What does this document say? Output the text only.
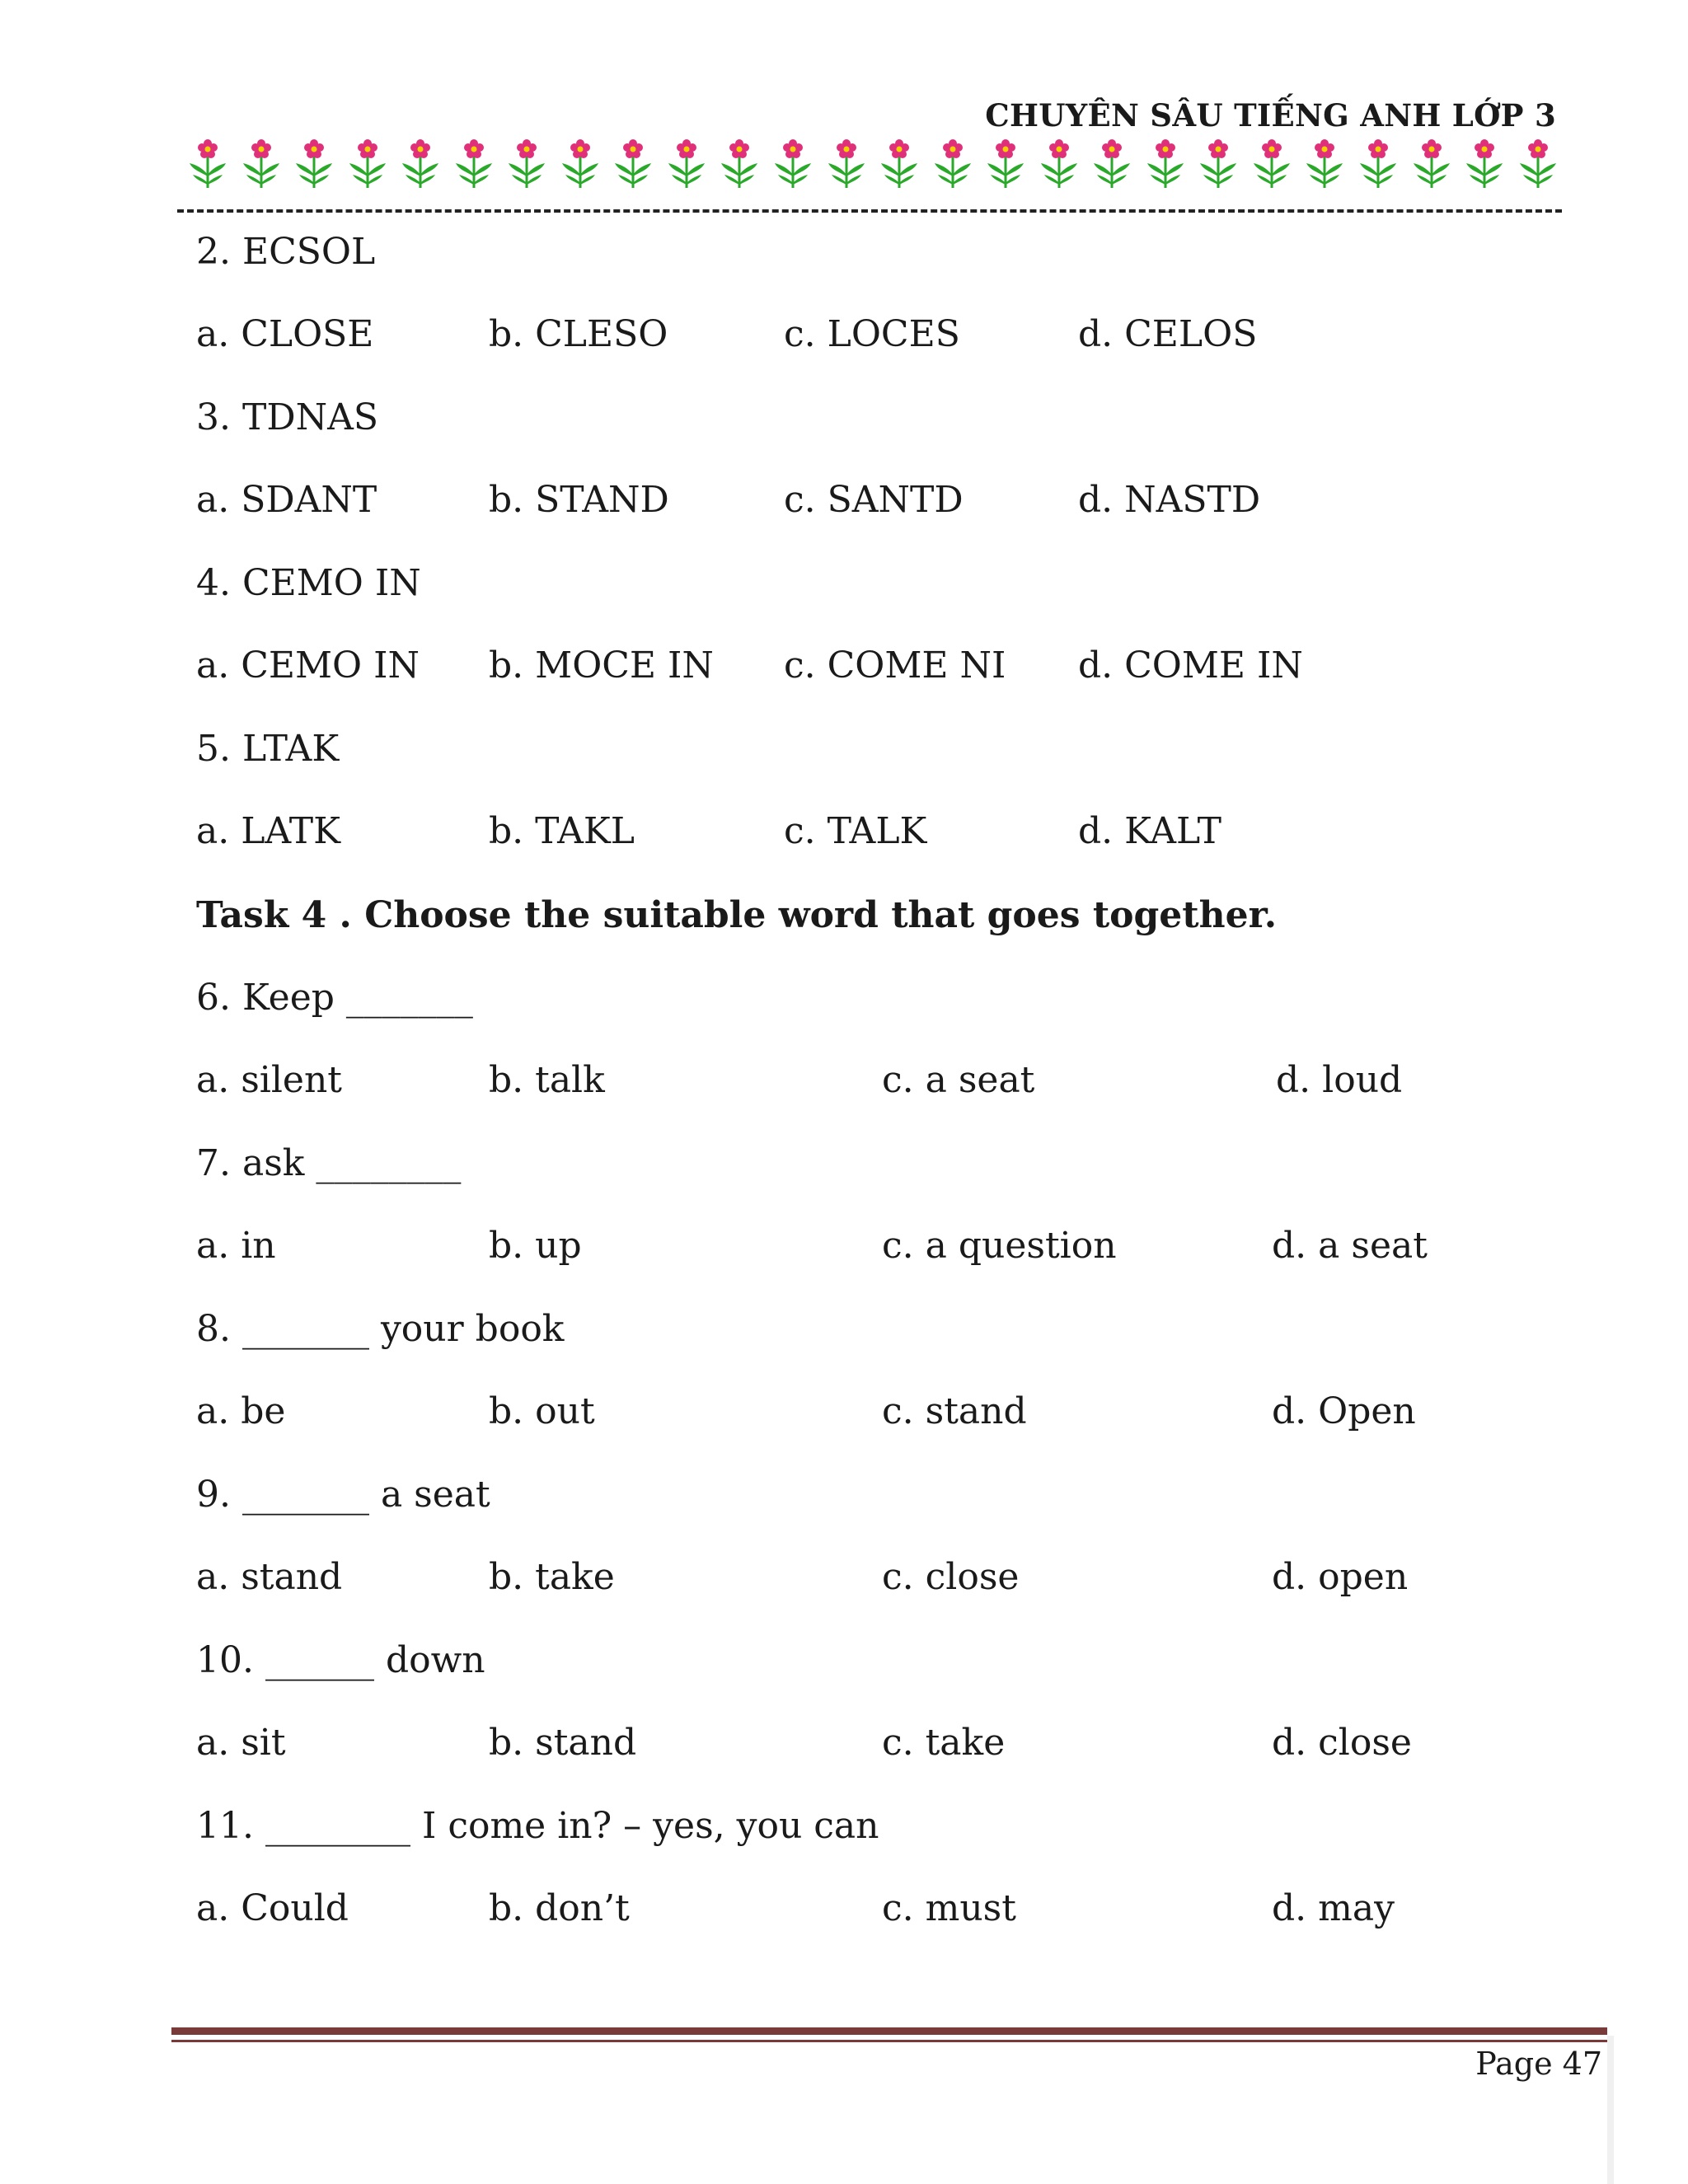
CHUYÊN SÂU TIẾNG ANH LỚP 3
2. ECSOL
a. CLOSE	b. CLESO	c. LOCES	d. CELOS
3. TDNAS
a. SDANT	b. STAND	c. SANTD	d. NASTD
4. CEMO IN
a. CEMO IN b. MOCE IN c. COME NI d. COME IN
5. LTAK
a. LATK	b. TAKL	c. TALK	d. KALT
Task 4 . Choose the suitable word that goes together.
6. Keep _______
a. silent	b. talk	c. a seat	d. loud
7. ask ________
a. in	b. up	c. a question	d. a seat
8. _______ your book
a. be	b. out	c. stand	d. Open
9. _______ a seat
a. stand	b. take	c. close	d. open
10. ______ down
a. sit	b. stand	c. take	d. close
11. ________ I come in? – yes, you can
a. Could	b. don’t	c. must	d. may
Page 47
